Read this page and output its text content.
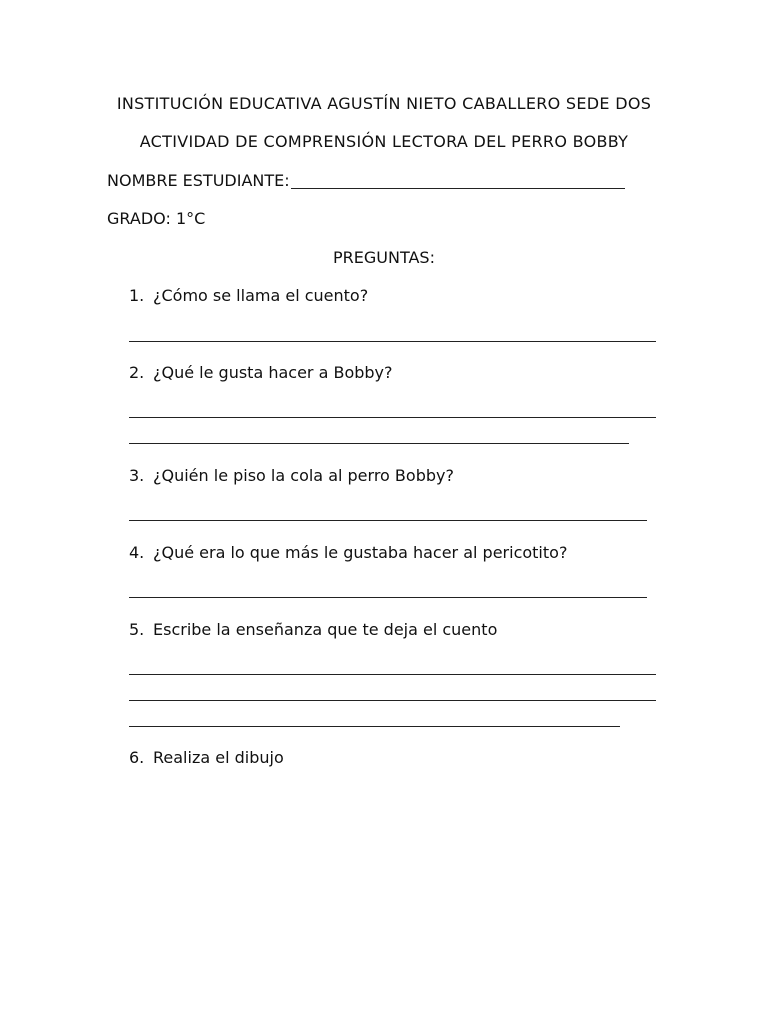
INSTITUCIÓN EDUCATIVA AGUSTÍN NIETO CABALLERO SEDE DOS
ACTIVIDAD DE COMPRENSIÓN LECTORA DEL PERRO BOBBY
NOMBRE ESTUDIANTE:
GRADO: 1°C
PREGUNTAS:
1. ¿Cómo se llama el cuento?
2. ¿Qué le gusta hacer a Bobby?
3. ¿Quién le piso la cola al perro Bobby?
4. ¿Qué era lo que más le gustaba hacer al pericotito?
5. Escribe la enseñanza que te deja el cuento
6. Realiza el dibujo
